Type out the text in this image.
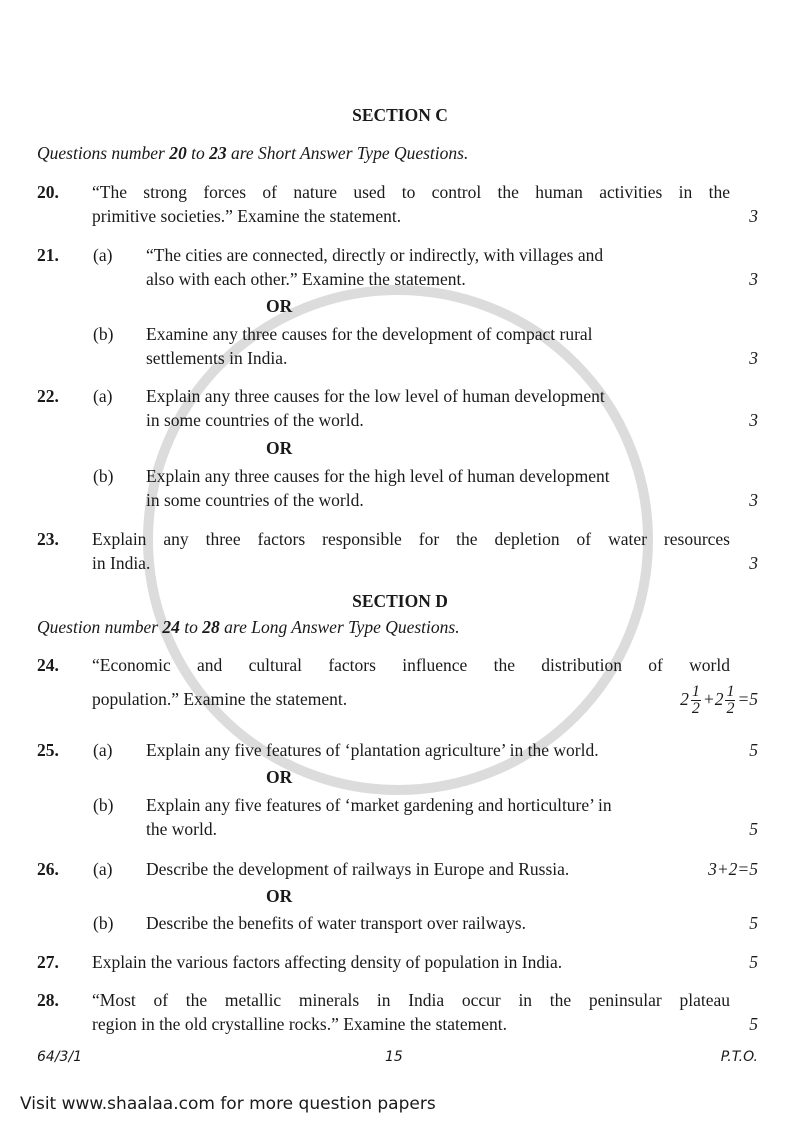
SECTION C
Questions number 20 to 23 are Short Answer Type Questions.
20. “The strong forces of nature used to control the human activities in the
primitive societies.” Examine the statement.	3
21. (a) “The cities are connected, directly or indirectly, with villages and
also with each other.” Examine the statement.	3
OR
(b) Examine any three causes for the development of compact rural
settlements in India.	3
22. (a) Explain any three causes for the low level of human development
in some countries of the world.	3
OR
(b) Explain any three causes for the high level of human development
in some countries of the world.	3
23. Explain any three factors responsible for the depletion of water resources
in India.	3
SECTION D
Question number 24 to 28 are Long Answer Type Questions.
24. “Economic and cultural factors influence the distribution of world
population.” Examine the statement.	$2 \frac{1}{2} +2 \frac{1}{2} =5$
25. (a) Explain any five features of ‘plantation agriculture’ in the world.	5
OR
(b) Explain any five features of ‘market gardening and horticulture’ in
the world.	5
26. (a) Describe the development of railways in Europe and Russia.	3+2=5
OR
(b) Describe the benefits of water transport over railways.	5
27. Explain the various factors affecting density of population in India.	5
28. “Most of the metallic minerals in India occur in the peninsular plateau
region in the old crystalline rocks.” Examine the statement.	5
64/3/1	15	P.T.O.
Visit www.shaalaa.com for more question papers
